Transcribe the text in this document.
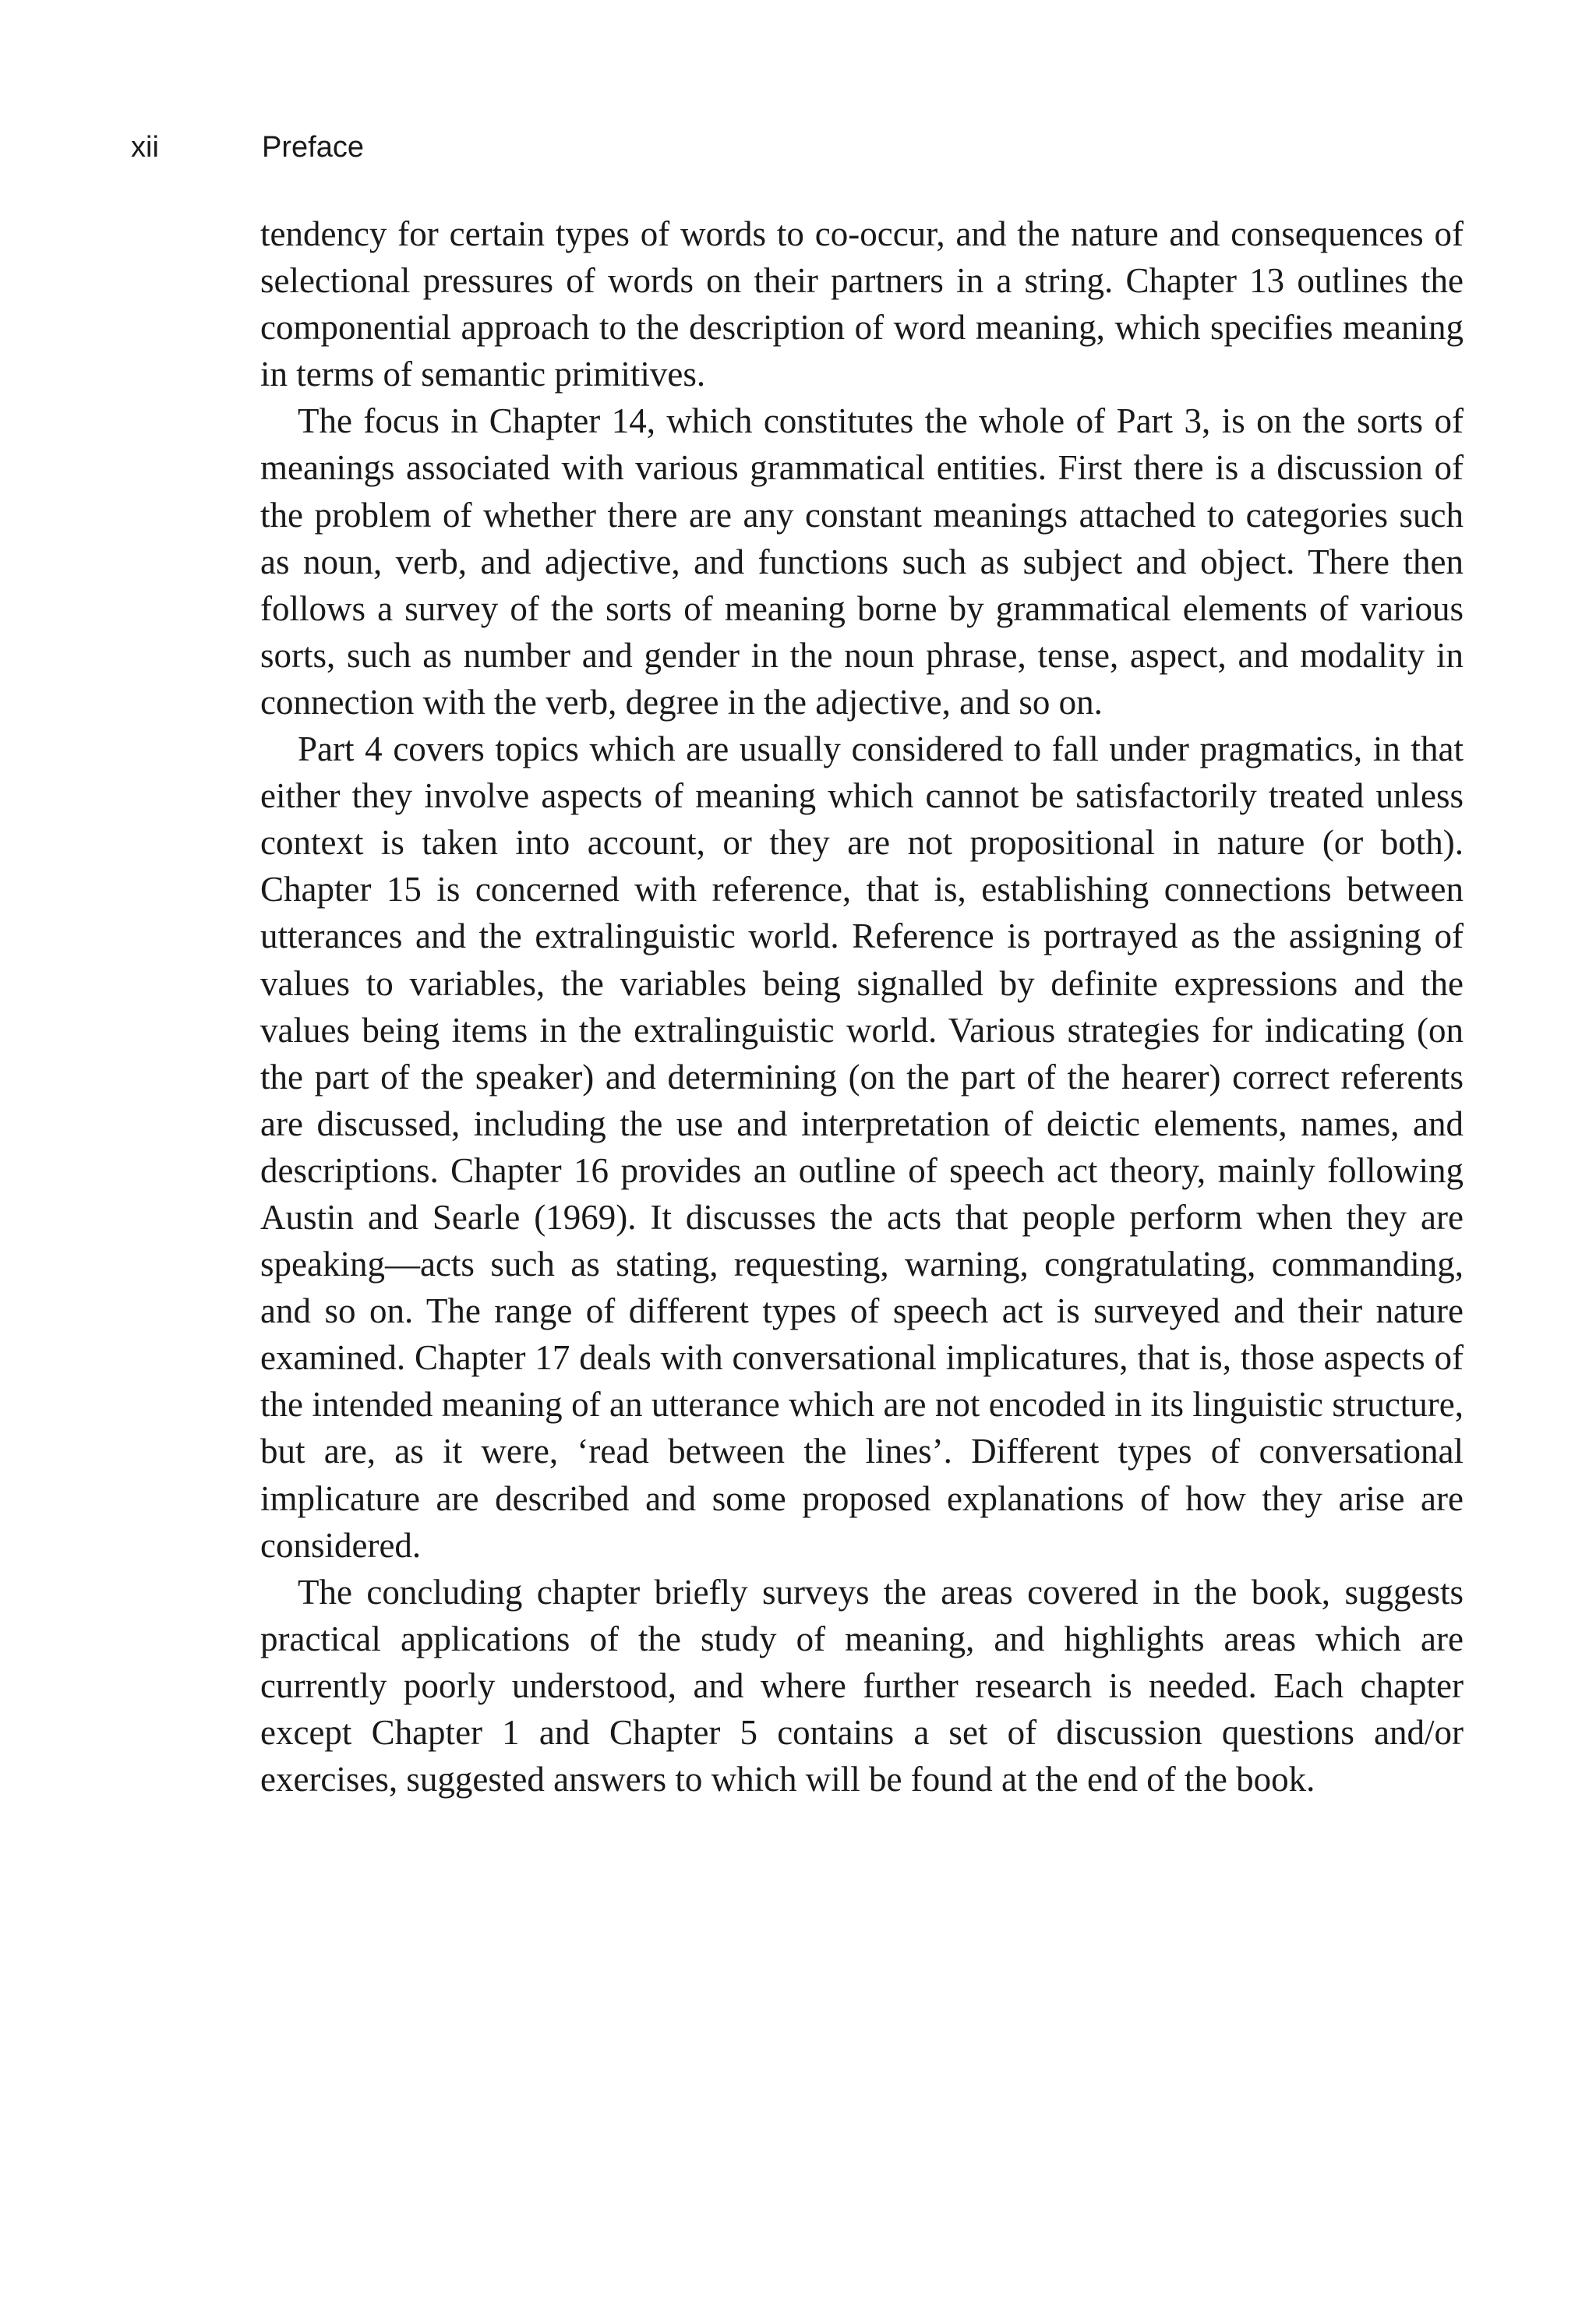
xii	Preface

tendency for certain types of words to co-occur, and the nature and consequences of selectional pressures of words on their partners in a string. Chapter 13 outlines the componential approach to the description of word meaning, which specifies meaning in terms of semantic primitives.

The focus in Chapter 14, which constitutes the whole of Part 3, is on the sorts of meanings associated with various grammatical entities. First there is a discussion of the problem of whether there are any constant meanings attached to categories such as noun, verb, and adjective, and functions such as subject and object. There then follows a survey of the sorts of meaning borne by grammatical elements of various sorts, such as number and gender in the noun phrase, tense, aspect, and modality in connection with the verb, degree in the adjective, and so on.

Part 4 covers topics which are usually considered to fall under pragmatics, in that either they involve aspects of meaning which cannot be satisfactorily treated unless context is taken into account, or they are not propositional in nature (or both). Chapter 15 is concerned with reference, that is, establishing connections between utterances and the extralinguistic world. Reference is portrayed as the assigning of values to variables, the variables being signalled by definite expressions and the values being items in the extralinguistic world. Various strategies for indicating (on the part of the speaker) and determining (on the part of the hearer) correct referents are discussed, including the use and interpretation of deictic elements, names, and descriptions. Chapter 16 provides an outline of speech act theory, mainly following Austin and Searle (1969). It discusses the acts that people perform when they are speaking—acts such as stating, requesting, warning, congratulating, commanding, and so on. The range of different types of speech act is surveyed and their nature examined. Chapter 17 deals with conversational implicatures, that is, those aspects of the intended meaning of an utterance which are not encoded in its linguistic structure, but are, as it were, ‘read between the lines’. Different types of conversational implicature are described and some proposed explanations of how they arise are considered.

The concluding chapter briefly surveys the areas covered in the book, suggests practical applications of the study of meaning, and highlights areas which are currently poorly understood, and where further research is needed. Each chapter except Chapter 1 and Chapter 5 contains a set of discussion questions and/or exercises, suggested answers to which will be found at the end of the book.
